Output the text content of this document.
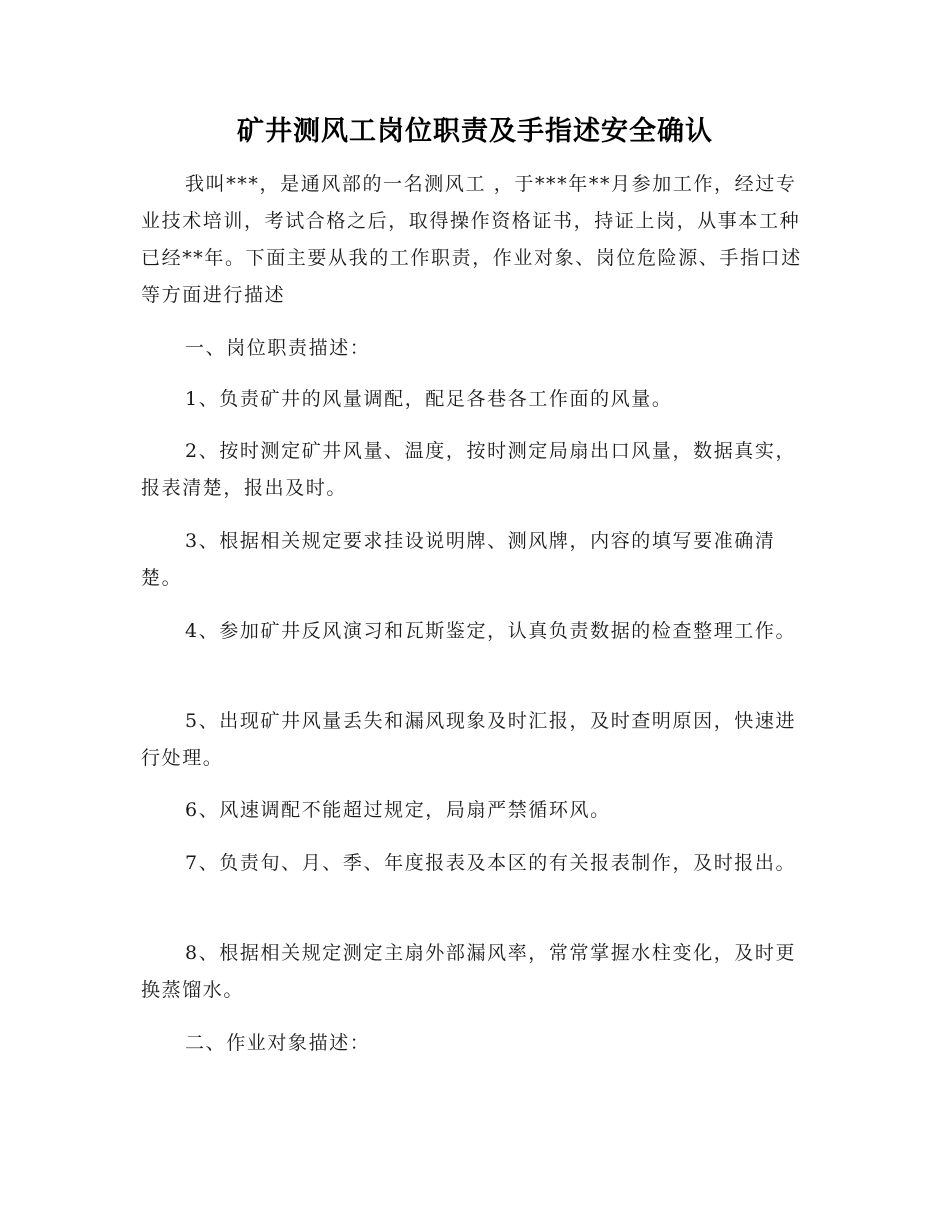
矿井测风工岗位职责及手指述安全确认

我叫***，是通风部的一名测风工 ，于***年**月参加工作，经过专业技术培训，考试合格之后，取得操作资格证书，持证上岗，从事本工种已经**年。下面主要从我的工作职责，作业对象、岗位危险源、手指口述等方面进行描述

一、岗位职责描述：

1、负责矿井的风量调配，配足各巷各工作面的风量。

2、按时测定矿井风量、温度，按时测定局扇出口风量，数据真实，报表清楚，报出及时。

3、根据相关规定要求挂设说明牌、测风牌，内容的填写要准确清楚。

4、参加矿井反风演习和瓦斯鉴定，认真负责数据的检查整理工作。

5、出现矿井风量丢失和漏风现象及时汇报，及时查明原因，快速进行处理。

6、风速调配不能超过规定，局扇严禁循环风。

7、负责旬、月、季、年度报表及本区的有关报表制作，及时报出。

8、根据相关规定测定主扇外部漏风率，常常掌握水柱变化，及时更换蒸馏水。

二、作业对象描述：
